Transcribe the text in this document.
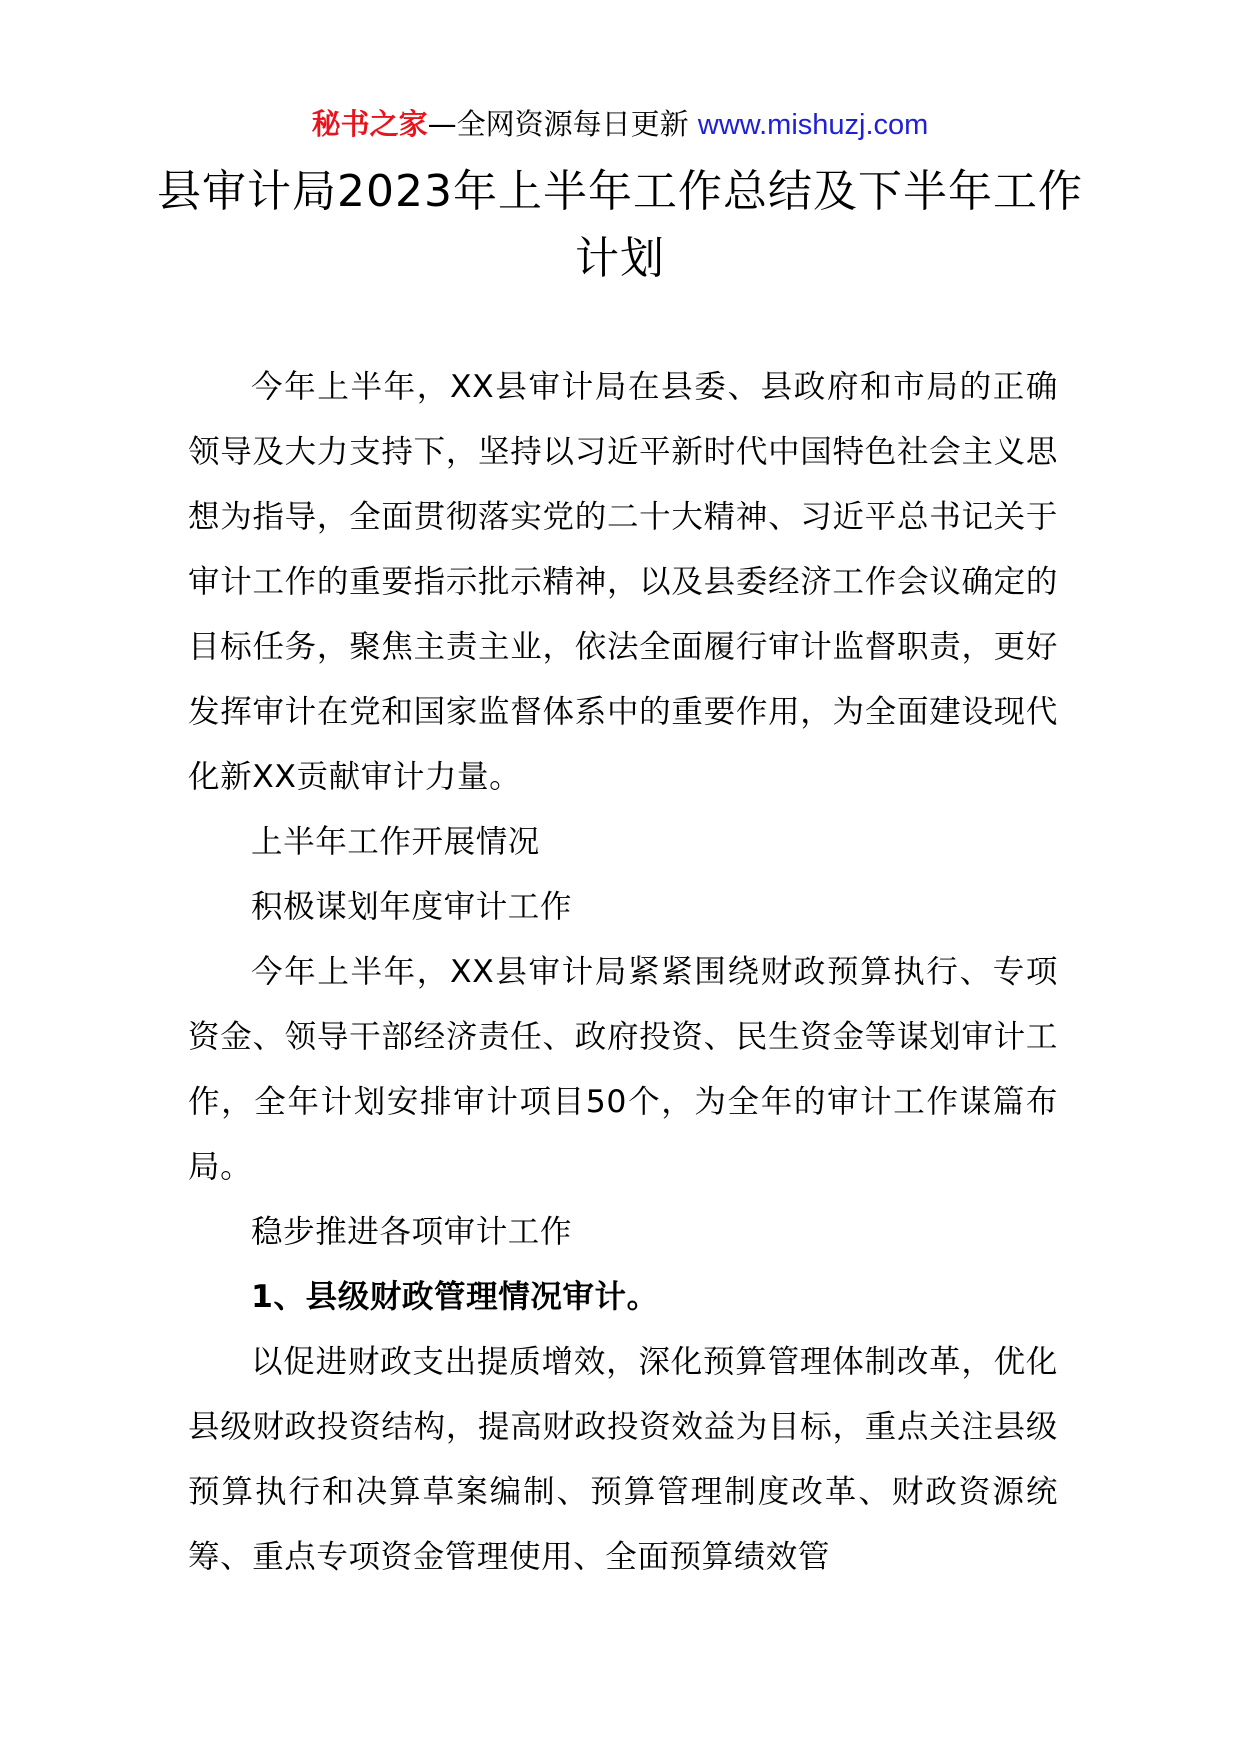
秘书之家—全网资源每日更新 www.mishuzj.com
县审计局2023年上半年工作总结及下半年工作计划

今年上半年，XX县审计局在县委、县政府和市局的正确领导及大力支持下，坚持以习近平新时代中国特色社会主义思想为指导，全面贯彻落实党的二十大精神、习近平总书记关于审计工作的重要指示批示精神，以及县委经济工作会议确定的目标任务，聚焦主责主业，依法全面履行审计监督职责，更好发挥审计在党和国家监督体系中的重要作用，为全面建设现代化新XX贡献审计力量。

上半年工作开展情况

积极谋划年度审计工作

今年上半年，XX县审计局紧紧围绕财政预算执行、专项资金、领导干部经济责任、政府投资、民生资金等谋划审计工作，全年计划安排审计项目50个，为全年的审计工作谋篇布局。

稳步推进各项审计工作

1、县级财政管理情况审计。

以促进财政支出提质增效，深化预算管理体制改革，优化县级财政投资结构，提高财政投资效益为目标，重点关注县级预算执行和决算草案编制、预算管理制度改革、财政资源统筹、重点专项资金管理使用、全面预算绩效管
